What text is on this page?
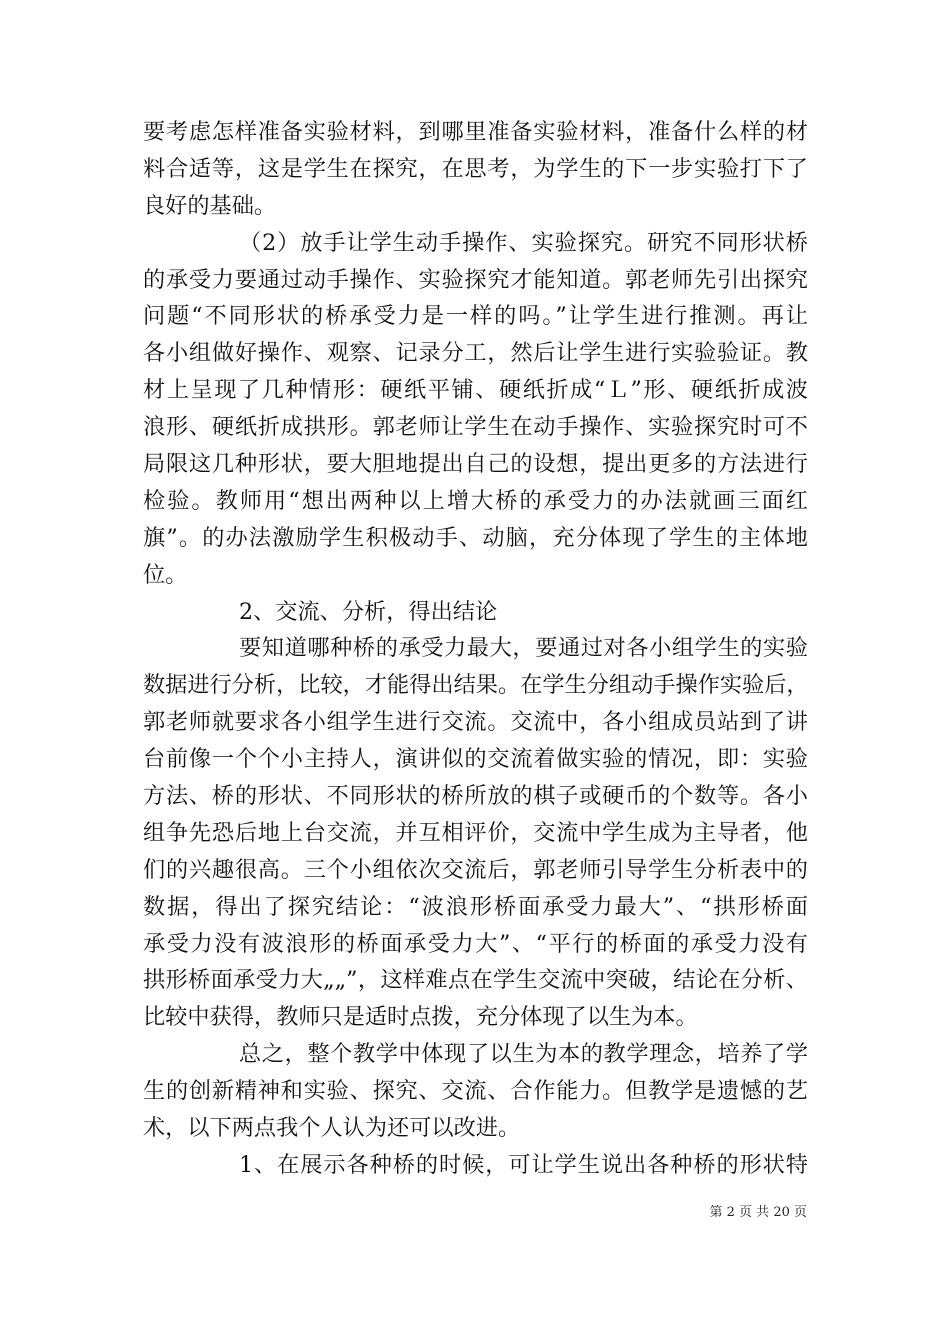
要考虑怎样准备实验材料，到哪里准备实验材料，准备什么样的材
料合适等，这是学生在探究，在思考，为学生的下一步实验打下了
良好的基础。
（2）放手让学生动手操作、实验探究。研究不同形状桥
的承受力要通过动手操作、实验探究才能知道。郭老师先引出探究
问题“不同形状的桥承受力是一样的吗。”让学生进行推测。再让
各小组做好操作、观察、记录分工，然后让学生进行实验验证。教
材上呈现了几种情形：硬纸平铺、硬纸折成“Ｌ”形、硬纸折成波
浪形、硬纸折成拱形。郭老师让学生在动手操作、实验探究时可不
局限这几种形状，要大胆地提出自己的设想，提出更多的方法进行
检验。教师用“想出两种以上增大桥的承受力的办法就画三面红
旗”。的办法激励学生积极动手、动脑，充分体现了学生的主体地
位。
2、交流、分析，得出结论
要知道哪种桥的承受力最大，要通过对各小组学生的实验
数据进行分析，比较，才能得出结果。在学生分组动手操作实验后，
郭老师就要求各小组学生进行交流。交流中，各小组成员站到了讲
台前像一个个小主持人，演讲似的交流着做实验的情况，即：实验
方法、桥的形状、不同形状的桥所放的棋子或硬币的个数等。各小
组争先恐后地上台交流，并互相评价，交流中学生成为主导者，他
们的兴趣很高。三个小组依次交流后，郭老师引导学生分析表中的
数据，得出了探究结论：“波浪形桥面承受力最大”、“拱形桥面
承受力没有波浪形的桥面承受力大”、“平行的桥面的承受力没有
拱形桥面承受力大„„”，这样难点在学生交流中突破，结论在分析、
比较中获得，教师只是适时点拨，充分体现了以生为本。
总之，整个教学中体现了以生为本的教学理念，培养了学
生的创新精神和实验、探究、交流、合作能力。但教学是遗憾的艺
术，以下两点我个人认为还可以改进。
1、在展示各种桥的时候，可让学生说出各种桥的形状特
第 2 页 共 20 页
